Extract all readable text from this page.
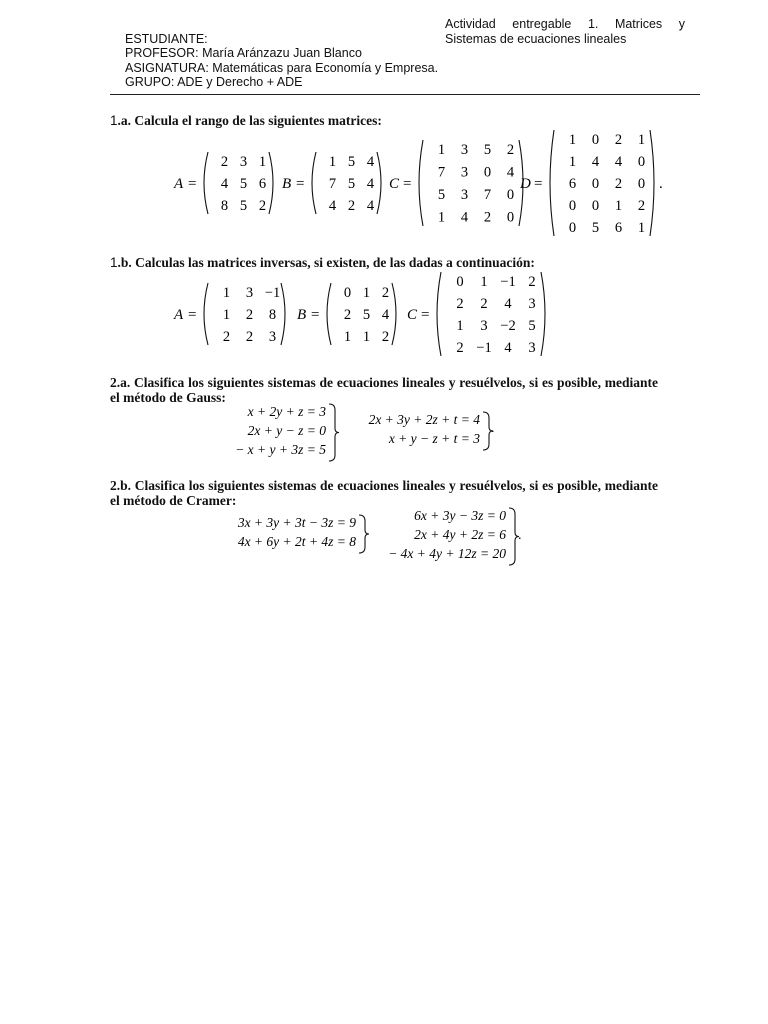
Actividad entregable 1. Matrices y
Sistemas de ecuaciones lineales
ESTUDIANTE:
PROFESOR: María Aránzazu Juan Blanco
ASIGNATURA: Matemáticas para Economía y Empresa.
GRUPO: ADE y Derecho + ADE
1.a. Calcula el rango de las siguientes matrices:
A =
2 3 1
4 5 6
8 5 2
B =
1 5 4
7 5 4
4 2 4
C =
1 3 5 2
7 3 0 4
5 3 7 0
1 4 2 0
D =
1 0 2 1
1 4 4 0
6 0 2 0
0 0 1 2
0 5 6 1
.
1.b. Calculas las matrices inversas, si existen, de las dadas a continuación:
A =
1 3 −1
1 2 8
2 2 3
B =
0 1 2
2 5 4
1 1 2
C =
0 1 −1 2
2 2 4 3
1 3 −2 5
2 −1 4 3
2.a. Clasifica los siguientes sistemas de ecuaciones lineales y resuélvelos, si es posible, mediante el método de Gauss:
x + 2y + z = 3
2x + y − z = 0
− x + y + 3z = 5
2x + 3y + 2z + t = 4
x + y − z + t = 3
.
2.b. Clasifica los siguientes sistemas de ecuaciones lineales y resuélvelos, si es posible, mediante el método de Cramer:
3x + 3y + 3t − 3z = 9
4x + 6y + 2t + 4z = 8
6x + 3y − 3z = 0
2x + 4y + 2z = 6
− 4x + 4y + 12z = 20
.
